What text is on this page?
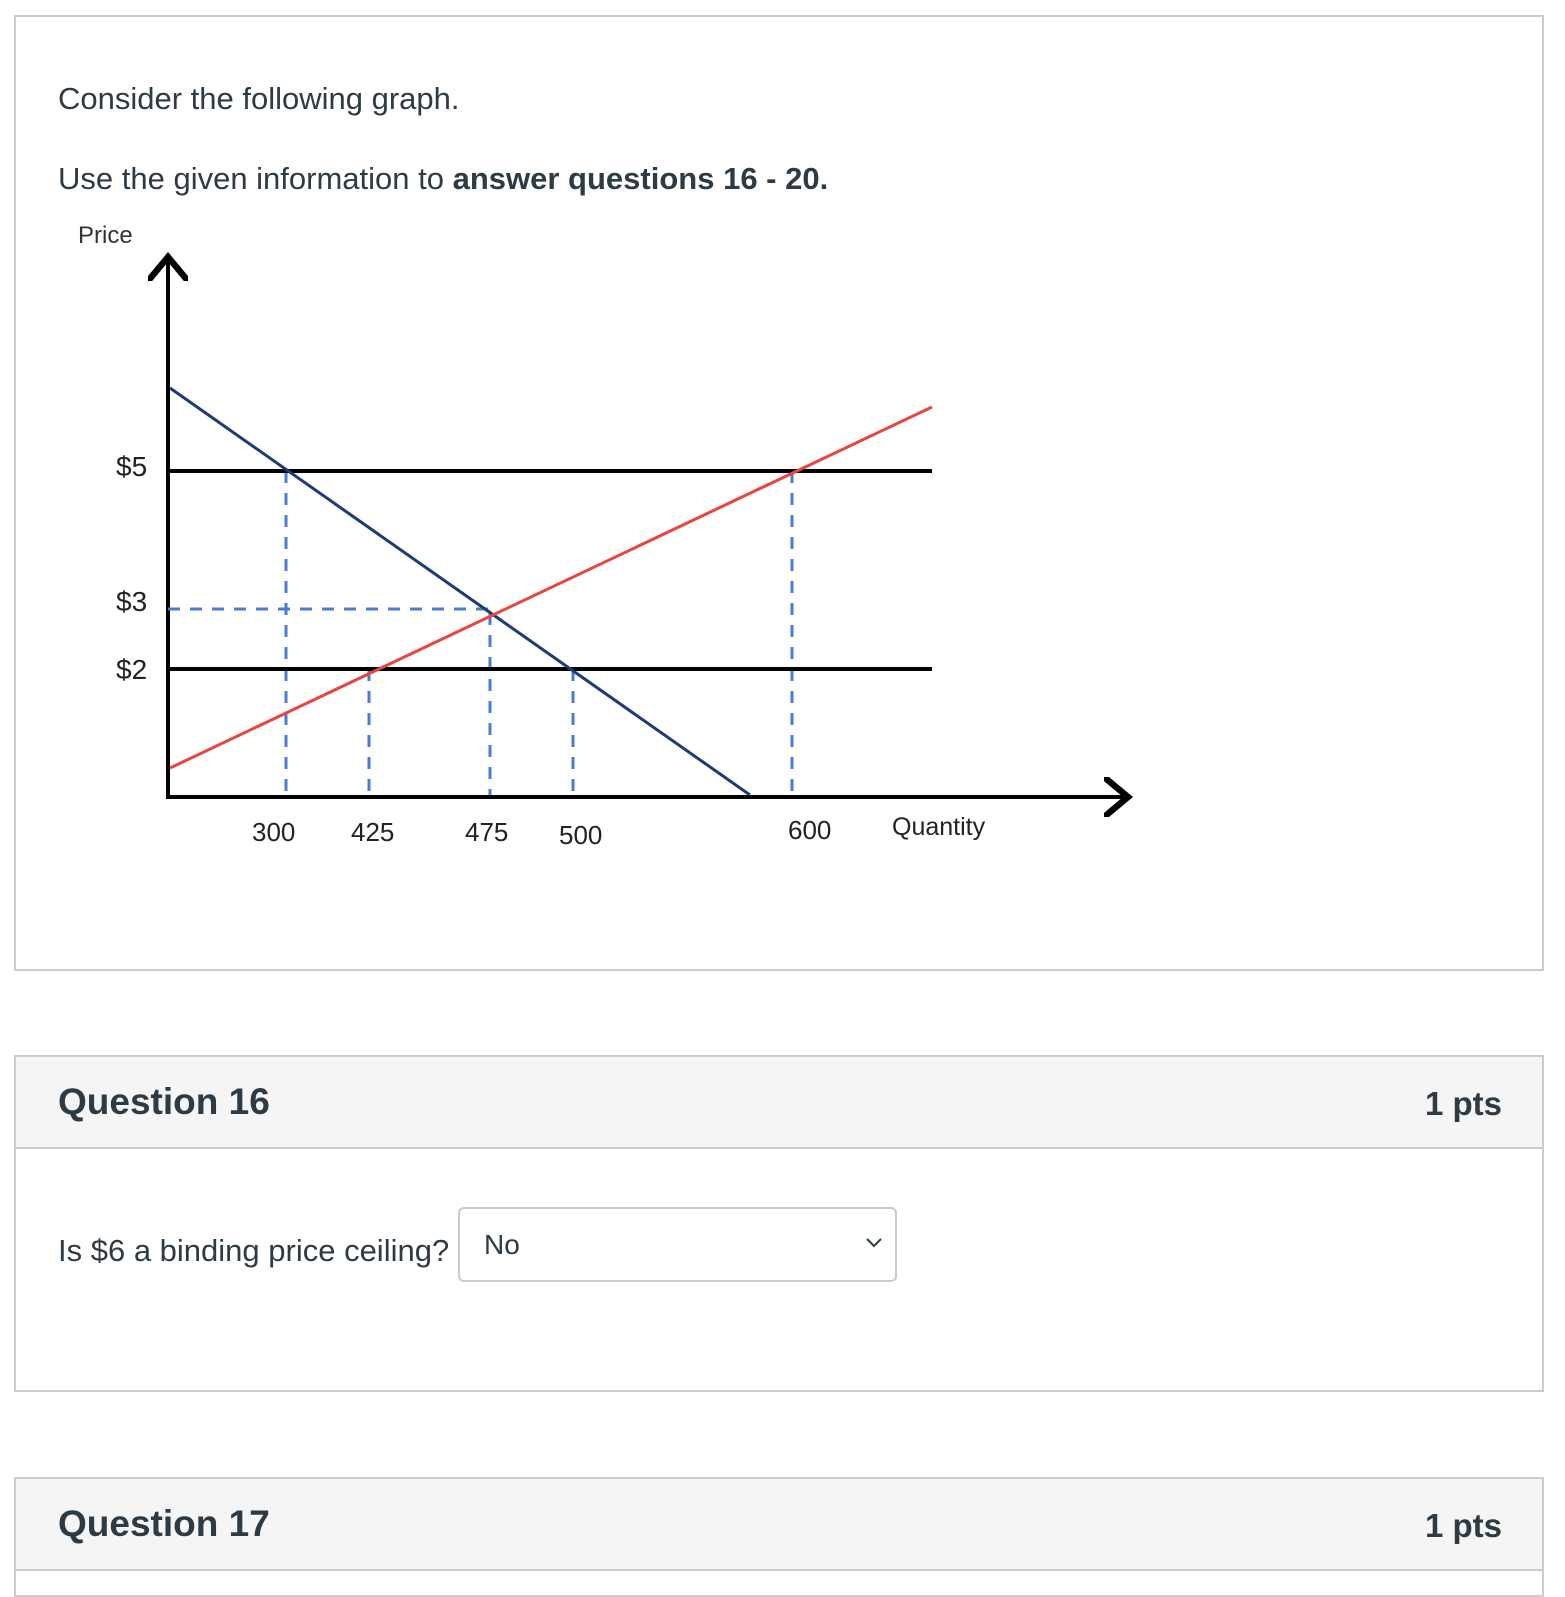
Consider the following graph.

Use the given information to answer questions 16 - 20.

Price
Quantity
$5
$3
$2
300 425	475 500	600
Question 16	1 pts
Is $6 a binding price ceiling? No
Question 17	1 pts
